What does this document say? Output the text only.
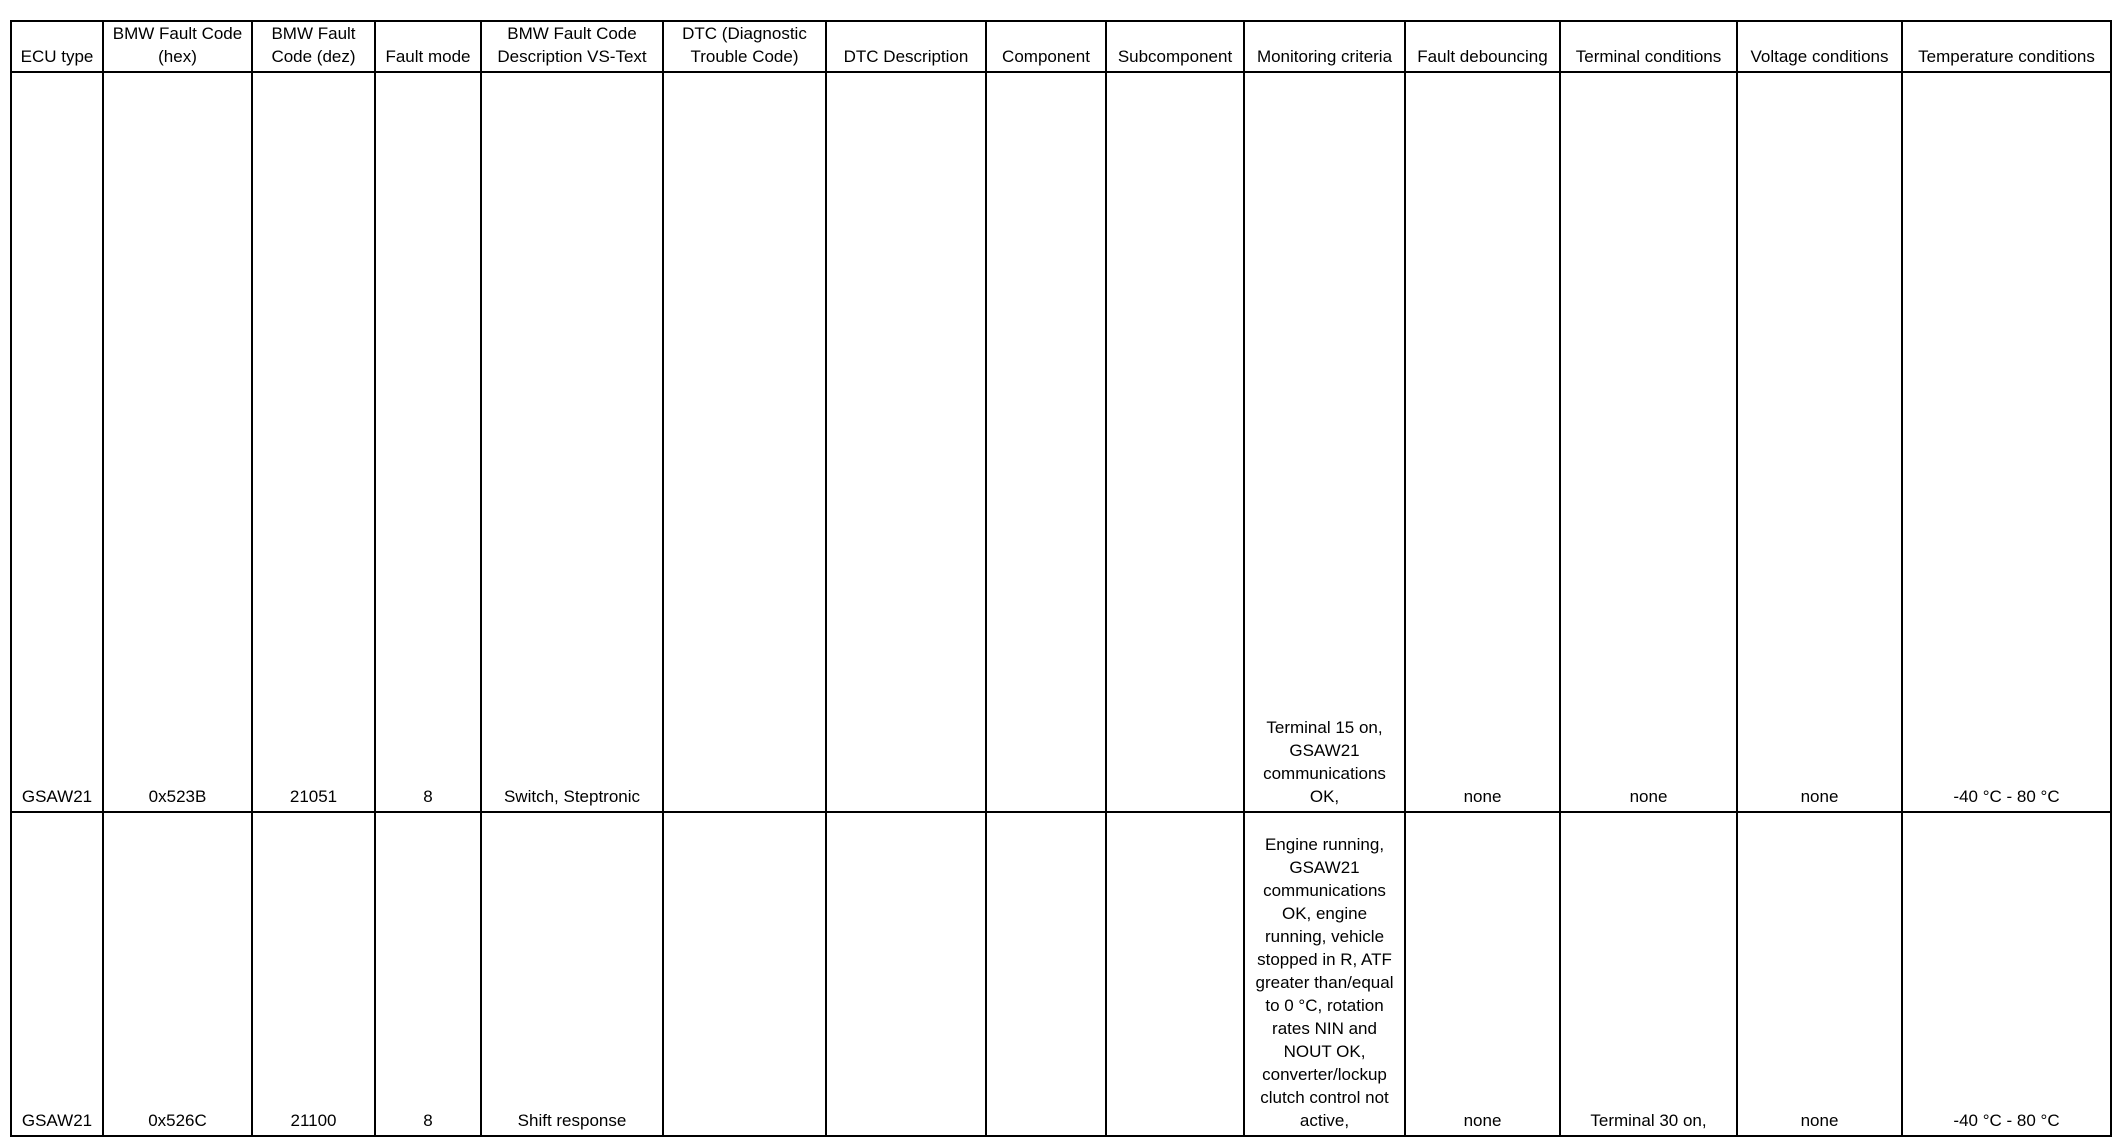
ECU type	BMW Fault Code (hex)	BMW Fault Code (dez)	Fault mode	BMW Fault Code Description VS-Text	DTC (Diagnostic Trouble Code)	DTC Description	Component	Subcomponent	Monitoring criteria	Fault debouncing	Terminal conditions	Voltage conditions	Temperature conditions
GSAW21	0x523B	21051	8	Switch, Steptronic					Terminal 15 on, GSAW21 communications OK,	none	none	none	-40 °C - 80 °C
GSAW21	0x526C	21100	8	Shift response					Engine running, GSAW21 communications OK, engine running, vehicle stopped in R, ATF greater than/equal to 0 °C, rotation rates NIN and NOUT OK, converter/lockup clutch control not active,	none	Terminal 30 on,	none	-40 °C - 80 °C
